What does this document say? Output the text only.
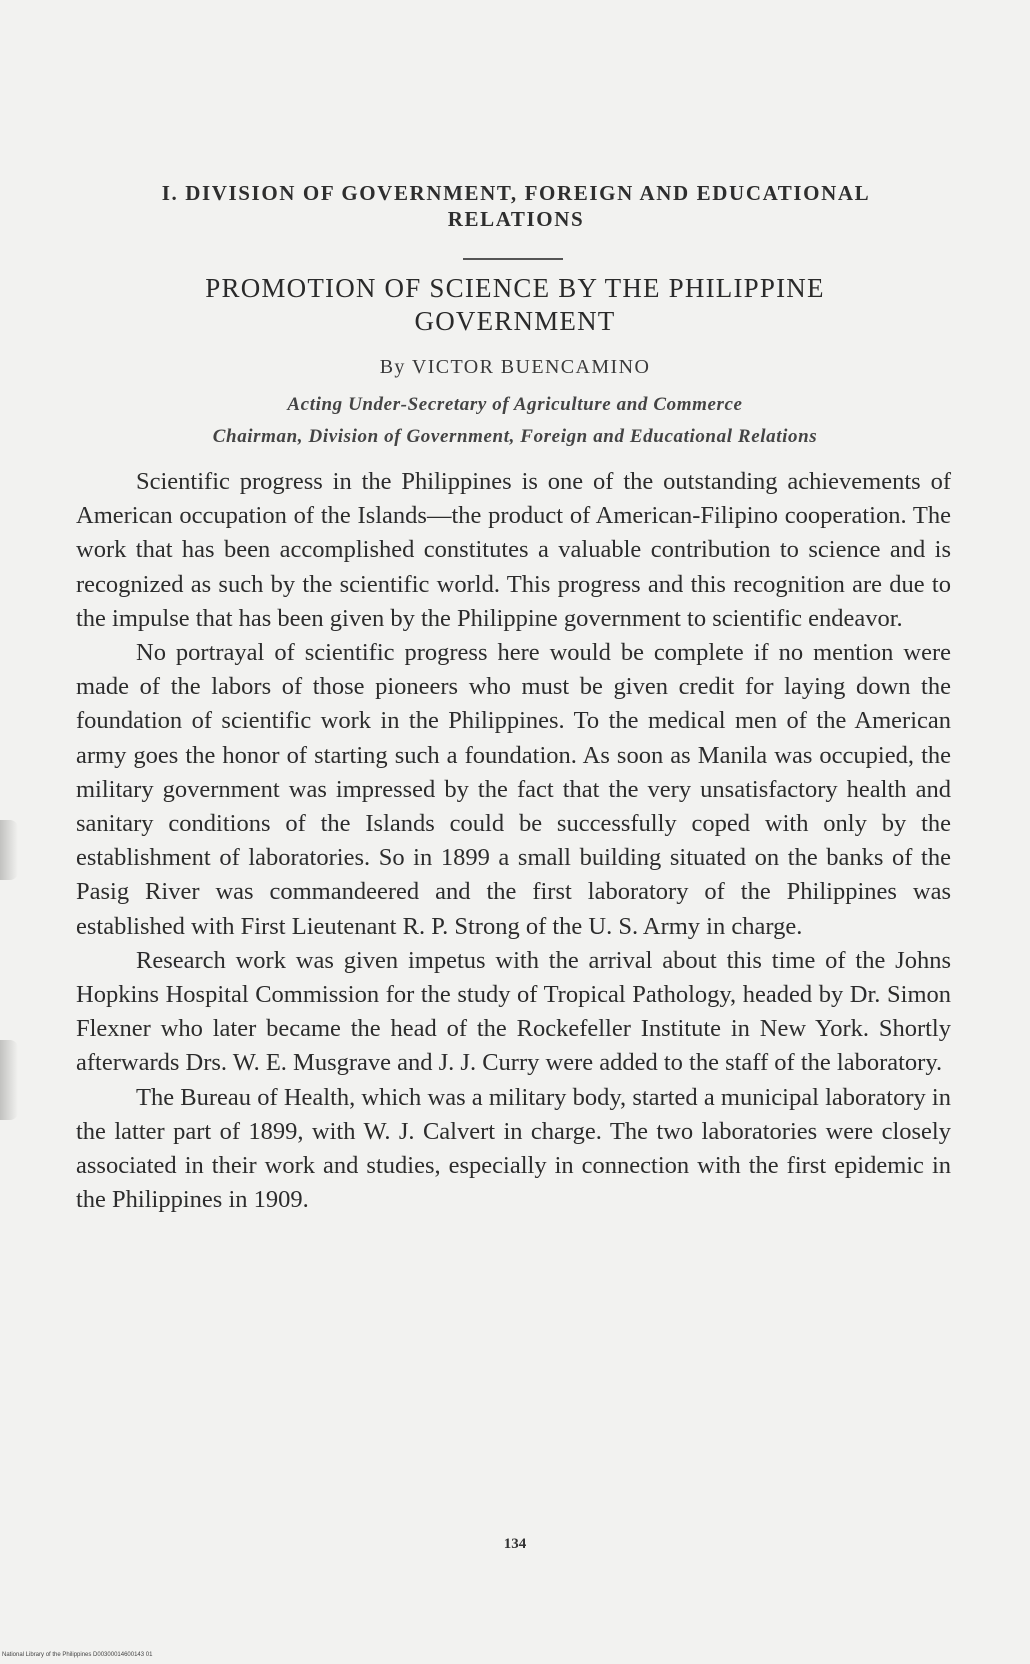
I. DIVISION OF GOVERNMENT, FOREIGN AND EDUCATIONAL
RELATIONS
PROMOTION OF SCIENCE BY THE PHILIPPINE
GOVERNMENT
By VICTOR BUENCAMINO
Acting Under-Secretary of Agriculture and Commerce
Chairman, Division of Government, Foreign and Educational Relations

Scientific progress in the Philippines is one of the outstanding achievements of American occupation of the Islands—the product of American-Filipino cooperation. The work that has been accomplished constitutes a valuable contribution to science and is recognized as such by the scientific world. This progress and this recognition are due to the impulse that has been given by the Philippine government to scientific endeavor.

No portrayal of scientific progress here would be complete if no mention were made of the labors of those pioneers who must be given credit for laying down the foundation of scientific work in the Philippines. To the medical men of the American army goes the honor of starting such a foundation. As soon as Manila was occupied, the military government was impressed by the fact that the very unsatisfactory health and sanitary conditions of the Islands could be successfully coped with only by the establishment of laboratories. So in 1899 a small building situated on the banks of the Pasig River was commandeered and the first laboratory of the Philippines was established with First Lieutenant R. P. Strong of the U. S. Army in charge.

Research work was given impetus with the arrival about this time of the Johns Hopkins Hospital Commission for the study of Tropical Pathology, headed by Dr. Simon Flexner who later became the head of the Rockefeller Institute in New York. Shortly afterwards Drs. W. E. Musgrave and J. J. Curry were added to the staff of the laboratory.

The Bureau of Health, which was a military body, started a municipal laboratory in the latter part of 1899, with W. J. Calvert in charge. The two laboratories were closely associated in their work and studies, especially in connection with the first epidemic in the Philippines in 1909.

134
National Library of the Philippines D00300014600143 01
